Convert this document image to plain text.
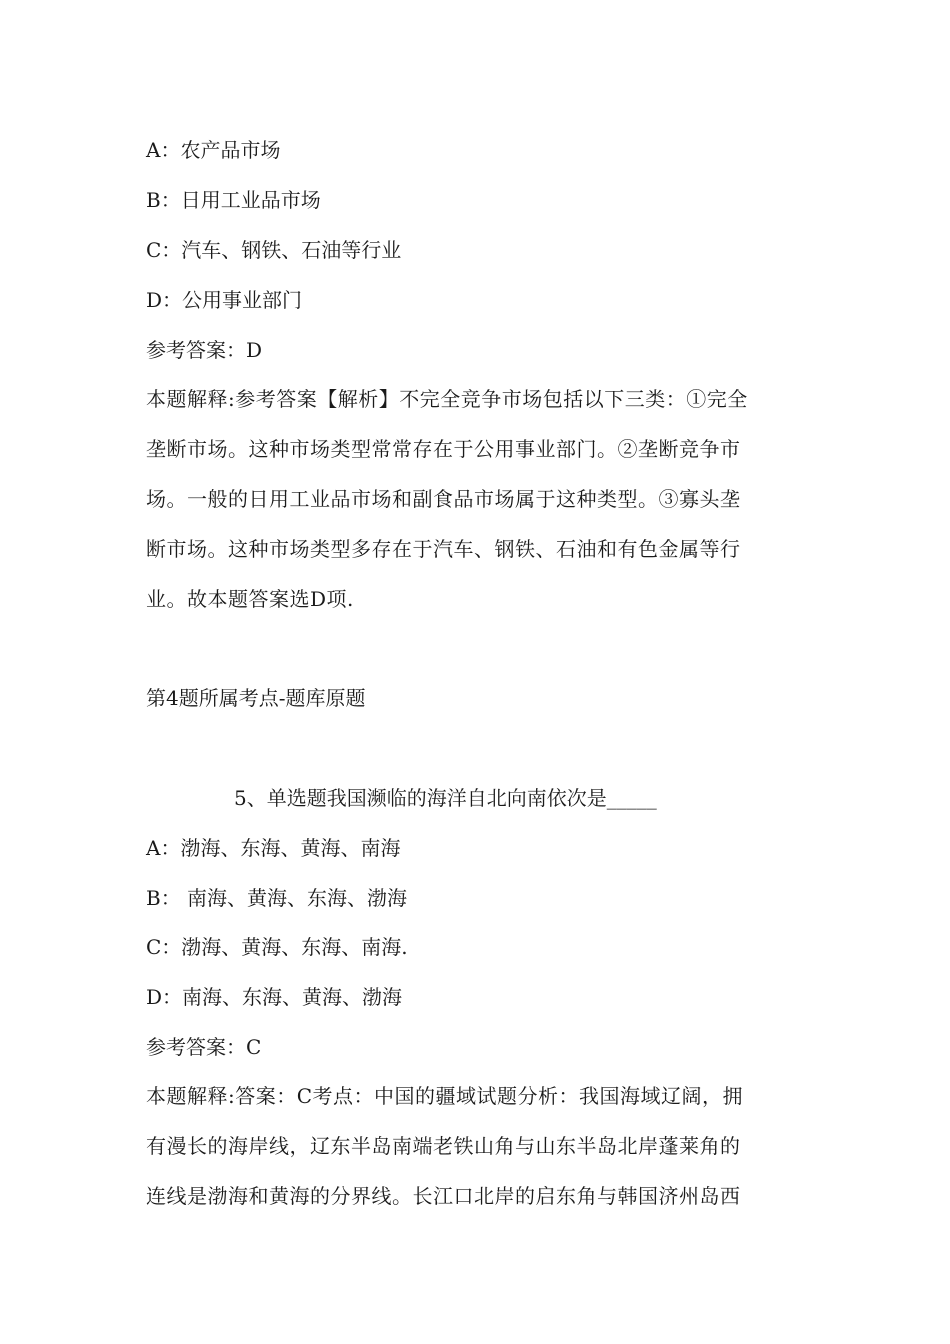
A：农产品市场
B：日用工业品市场
C：汽车、钢铁、石油等行业
D：公用事业部门
参考答案：D
本题解释:参考答案【解析】不完全竞争市场包括以下三类：①完全
垄断市场。这种市场类型常常存在于公用事业部门。②垄断竞争市
场。一般的日用工业品市场和副食品市场属于这种类型。③寡头垄
断市场。这种市场类型多存在于汽车、钢铁、石油和有色金属等行
业。故本题答案选D项.
第4题所属考点-题库原题
5、单选题我国濒临的海洋自北向南依次是_____
A：渤海、东海、黄海、南海
B： 南海、黄海、东海、渤海
C：渤海、黄海、东海、南海.
D：南海、东海、黄海、渤海
参考答案：C
本题解释:答案：C考点：中国的疆域试题分析：我国海域辽阔，拥
有漫长的海岸线，辽东半岛南端老铁山角与山东半岛北岸蓬莱角的
连线是渤海和黄海的分界线。长江口北岸的启东角与韩国济州岛西
